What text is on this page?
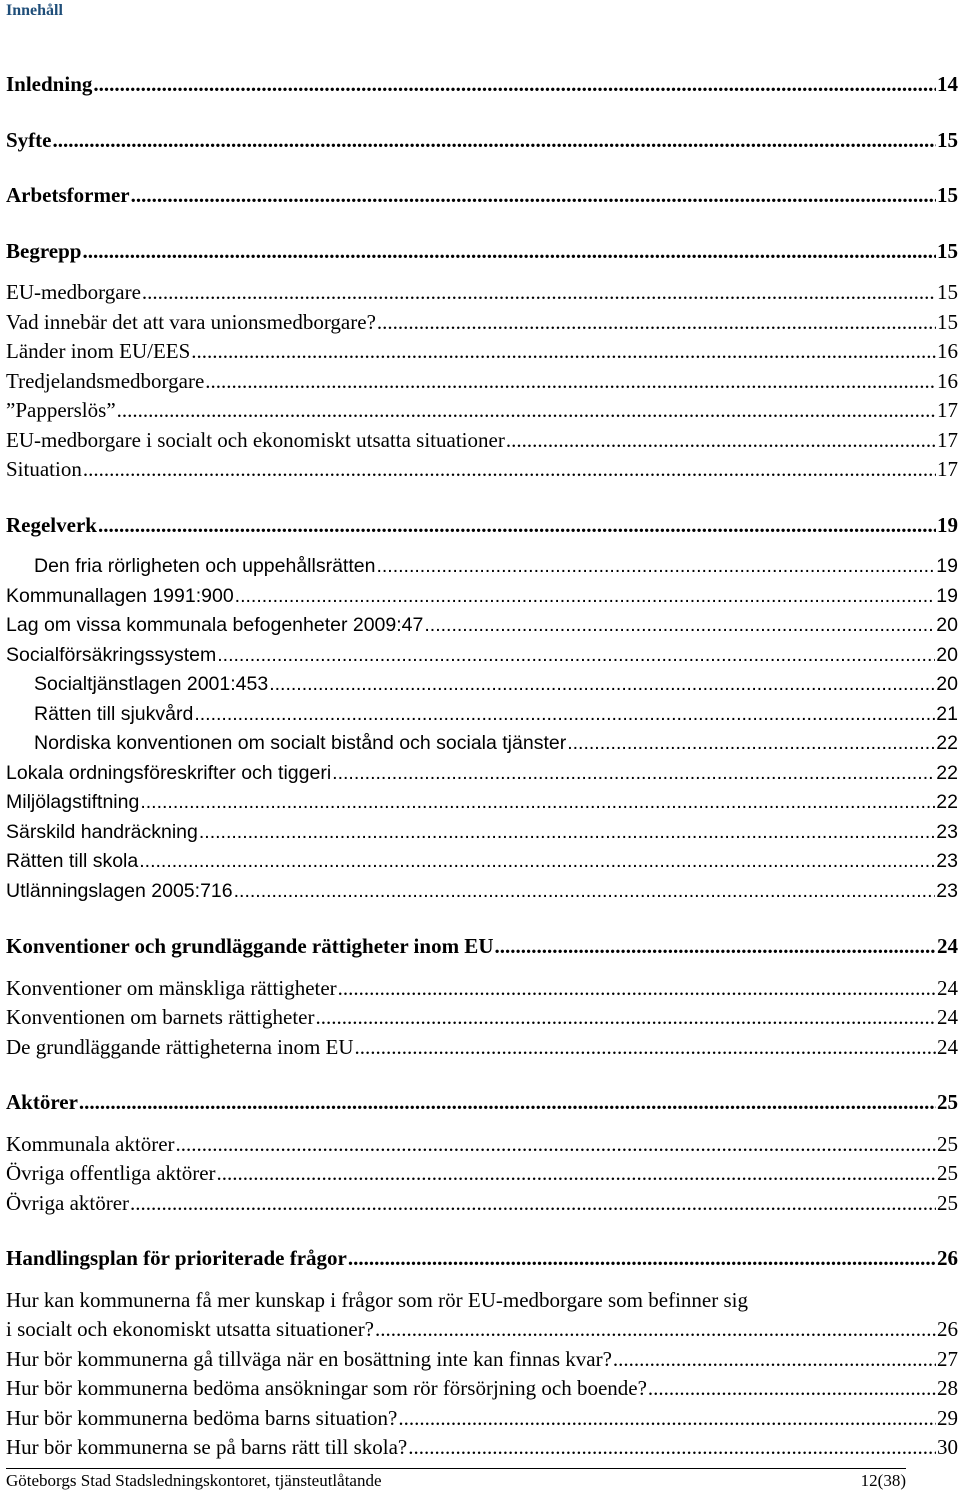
Innehåll
Inledning .....	14
Syfte .....	15
Arbetsformer .....	15
Begrepp .....	15
EU-medborgare .....	15
Vad innebär det att vara unionsmedborgare? .....	15
Länder inom EU/EES .....	16
Tredjelandsmedborgare .....	16
”Papperslös” .....	17
EU-medborgare i socialt och ekonomiskt utsatta situationer .....	17
Situation .....	17
Regelverk .....	19
Den fria rörligheten och uppehållsrätten .....	19
Kommunallagen 1991:900 .....	19
Lag om vissa kommunala befogenheter 2009:47 .....	20
Socialförsäkringssystem .....	20
Socialtjänstlagen 2001:453 .....	20
Rätten till sjukvård .....	21
Nordiska konventionen om socialt bistånd och sociala tjänster .....	22
Lokala ordningsföreskrifter och tiggeri .....	22
Miljölagstiftning .....	22
Särskild handräckning .....	23
Rätten till skola .....	23
Utlänningslagen 2005:716 .....	23
Konventioner och grundläggande rättigheter inom EU .....	24
Konventioner om mänskliga rättigheter .....	24
Konventionen om barnets rättigheter .....	24
De grundläggande rättigheterna inom EU .....	24
Aktörer .....	25
Kommunala aktörer .....	25
Övriga offentliga aktörer .....	25
Övriga aktörer .....	25
Handlingsplan för prioriterade frågor .....	26
Hur kan kommunerna få mer kunskap i frågor som rör EU-medborgare som befinner sig
i socialt och ekonomiskt utsatta situationer? .....	26
Hur bör kommunerna gå tillväga när en bosättning inte kan finnas kvar? .....	27
Hur bör kommunerna bedöma ansökningar som rör försörjning och boende? .....	28
Hur bör kommunerna bedöma barns situation? .....	29
Hur bör kommunerna se på barns rätt till skola? .....	30
Göteborgs Stad Stadsledningskontoret, tjänsteutlåtande	12(38)
